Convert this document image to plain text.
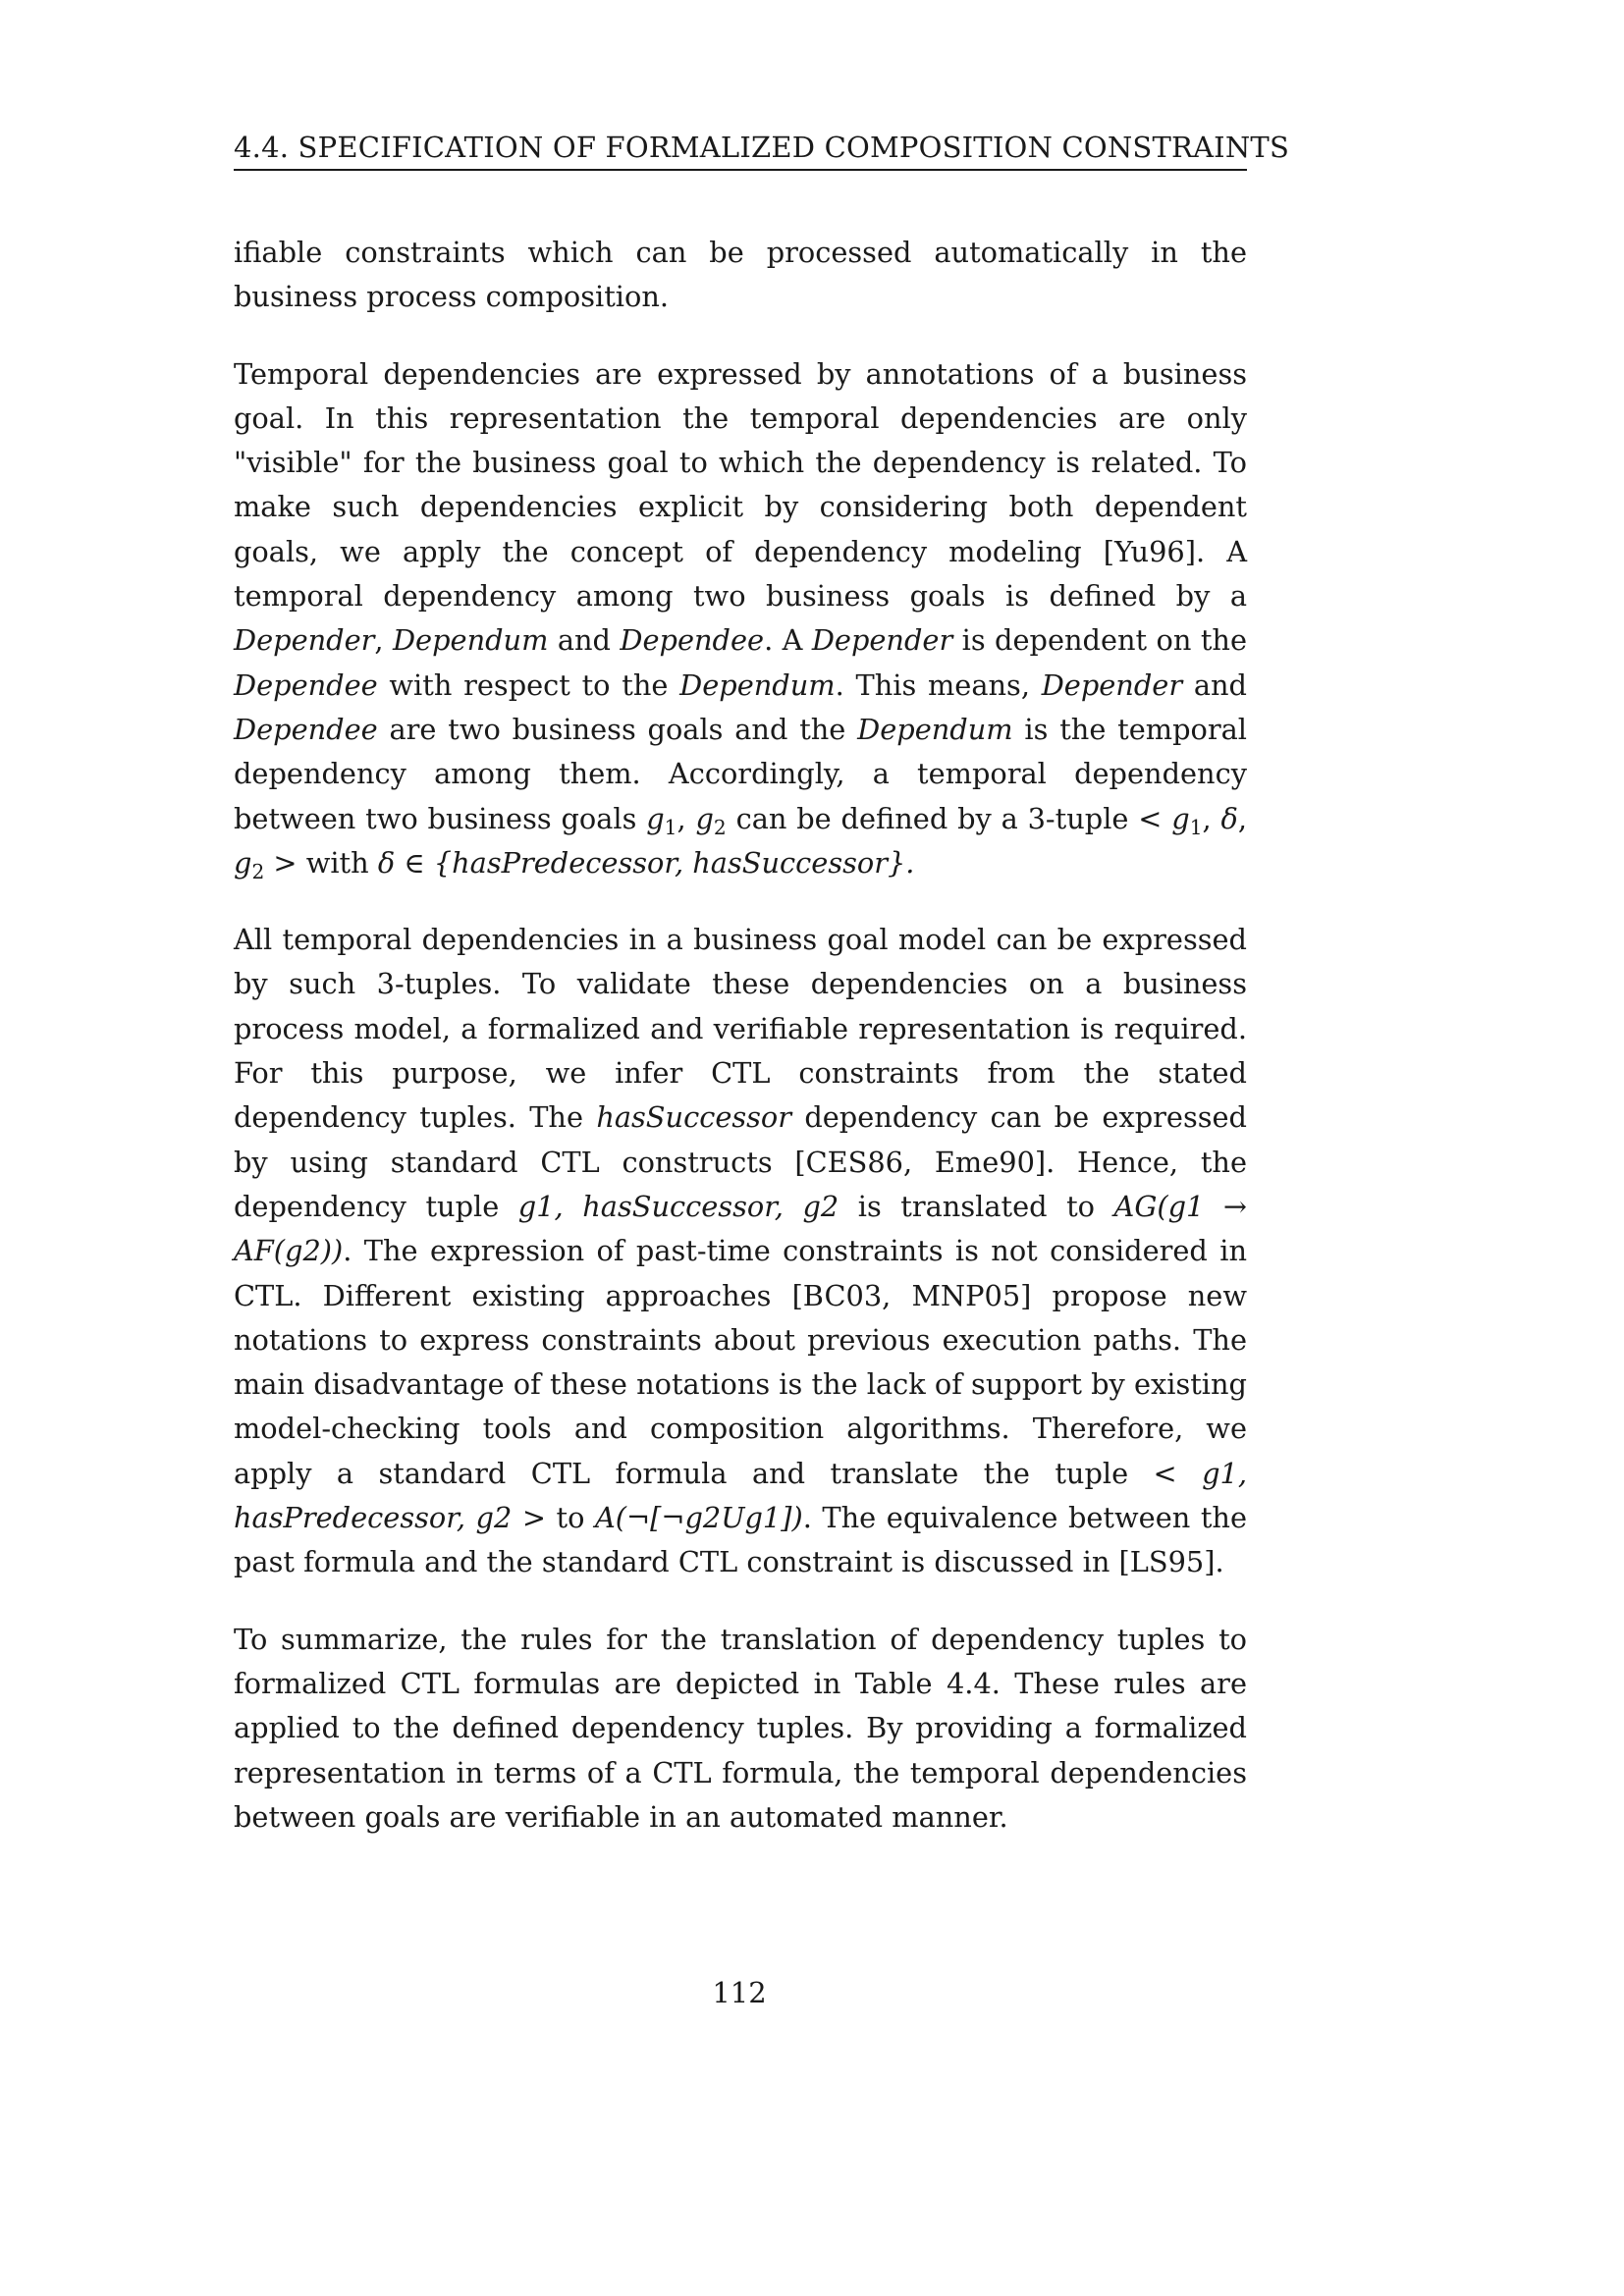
4.4. SPECIFICATION OF FORMALIZED COMPOSITION CONSTRAINTS

ifiable constraints which can be processed automatically in the business process composition.

Temporal dependencies are expressed by annotations of a business goal. In this representation the temporal dependencies are only "visible" for the business goal to which the dependency is related. To make such dependencies explicit by considering both dependent goals, we apply the concept of dependency modeling [Yu96]. A temporal dependency among two business goals is defined by a Depender, Dependum and Dependee. A Depender is dependent on the Dependee with respect to the Dependum. This means, Depender and Dependee are two business goals and the Dependum is the temporal dependency among them. Accordingly, a temporal dependency between two business goals $g_1$, $g_2$ can be defined by a 3-tuple < $g_1$, δ, $g_2$ > with δ ∈ {hasPredecessor, hasSuccessor}.

All temporal dependencies in a business goal model can be expressed by such 3-tuples. To validate these dependencies on a business process model, a formalized and verifiable representation is required. For this purpose, we infer CTL constraints from the stated dependency tuples. The hasSuccessor dependency can be expressed by using standard CTL constructs [CES86, Eme90]. Hence, the dependency tuple g1, hasSuccessor, g2 is translated to AG(g1 → AF(g2)). The expression of past-time constraints is not considered in CTL. Different existing approaches [BC03, MNP05] propose new notations to express constraints about previous execution paths. The main disadvantage of these notations is the lack of support by existing model-checking tools and composition algorithms. Therefore, we apply a standard CTL formula and translate the tuple < g1, hasPredecessor, g2 > to A(¬[¬g2Ug1]). The equivalence between the past formula and the standard CTL constraint is discussed in [LS95].

To summarize, the rules for the translation of dependency tuples to formalized CTL formulas are depicted in Table 4.4. These rules are applied to the defined dependency tuples. By providing a formalized representation in terms of a CTL formula, the temporal dependencies between goals are verifiable in an automated manner.

112
